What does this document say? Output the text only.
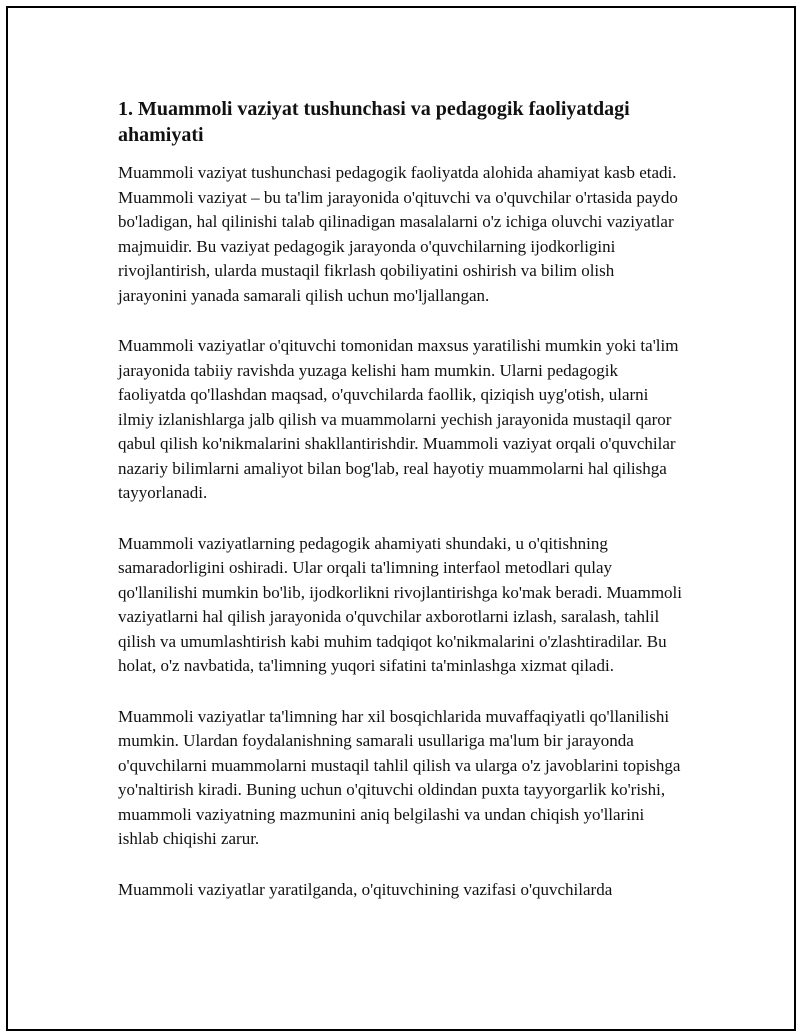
1. Muammoli vaziyat tushunchasi va pedagogik faoliyatdagi ahamiyati

Muammoli vaziyat tushunchasi pedagogik faoliyatda alohida ahamiyat kasb etadi. Muammoli vaziyat – bu ta'lim jarayonida o'qituvchi va o'quvchilar o'rtasida paydo bo'ladigan, hal qilinishi talab qilinadigan masalalarni o'z ichiga oluvchi vaziyatlar majmuidir. Bu vaziyat pedagogik jarayonda o'quvchilarning ijodkorligini rivojlantirish, ularda mustaqil fikrlash qobiliyatini oshirish va bilim olish jarayonini yanada samarali qilish uchun mo'ljallangan.

Muammoli vaziyatlar o'qituvchi tomonidan maxsus yaratilishi mumkin yoki ta'lim jarayonida tabiiy ravishda yuzaga kelishi ham mumkin. Ularni pedagogik faoliyatda qo'llashdan maqsad, o'quvchilarda faollik, qiziqish uyg'otish, ularni ilmiy izlanishlarga jalb qilish va muammolarni yechish jarayonida mustaqil qaror qabul qilish ko'nikmalarini shakllantirishdir. Muammoli vaziyat orqali o'quvchilar nazariy bilimlarni amaliyot bilan bog'lab, real hayotiy muammolarni hal qilishga tayyorlanadi.

Muammoli vaziyatlarning pedagogik ahamiyati shundaki, u o'qitishning samaradorligini oshiradi. Ular orqali ta'limning interfaol metodlari qulay qo'llanilishi mumkin bo'lib, ijodkorlikni rivojlantirishga ko'mak beradi. Muammoli vaziyatlarni hal qilish jarayonida o'quvchilar axborotlarni izlash, saralash, tahlil qilish va umumlashtirish kabi muhim tadqiqot ko'nikmalarini o'zlashtiradilar. Bu holat, o'z navbatida, ta'limning yuqori sifatini ta'minlashga xizmat qiladi.

Muammoli vaziyatlar ta'limning har xil bosqichlarida muvaffaqiyatli qo'llanilishi mumkin. Ulardan foydalanishning samarali usullariga ma'lum bir jarayonda o'quvchilarni muammolarni mustaqil tahlil qilish va ularga o'z javoblarini topishga yo'naltirish kiradi. Buning uchun o'qituvchi oldindan puxta tayyorgarlik ko'rishi, muammoli vaziyatning mazmunini aniq belgilashi va undan chiqish yo'llarini ishlab chiqishi zarur.

Muammoli vaziyatlar yaratilganda, o'qituvchining vazifasi o'quvchilarda
